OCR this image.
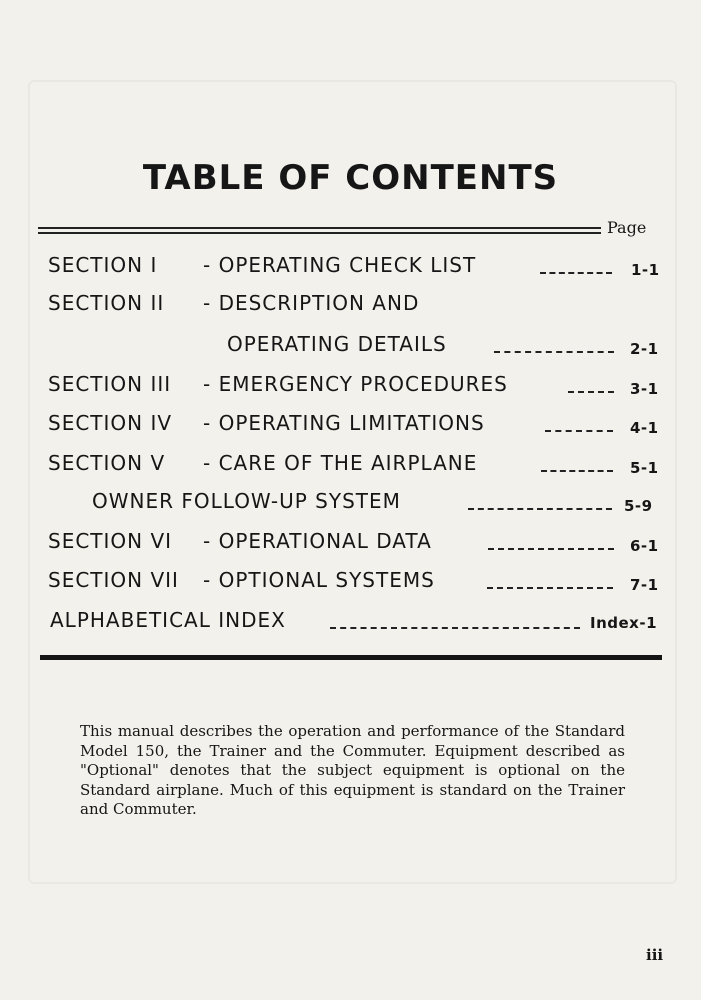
TABLE OF CONTENTS
Page
SECTION I - OPERATING CHECK LIST	1-1
SECTION II - DESCRIPTION AND
OPERATING DETAILS	2-1
SECTION III - EMERGENCY PROCEDURES	3-1
SECTION IV - OPERATING LIMITATIONS	4-1
SECTION V - CARE OF THE AIRPLANE	5-1
OWNER FOLLOW-UP SYSTEM	5-9
SECTION VI - OPERATIONAL DATA	6-1
SECTION VII - OPTIONAL SYSTEMS	7-1
ALPHABETICAL INDEX	Index-1

This manual describes the operation and performance of the Standard Model 150, the Trainer and the Commuter. Equipment described as "Optional" denotes that the subject equipment is optional on the Standard airplane. Much of this equipment is standard on the Trainer and Commuter.

iii
